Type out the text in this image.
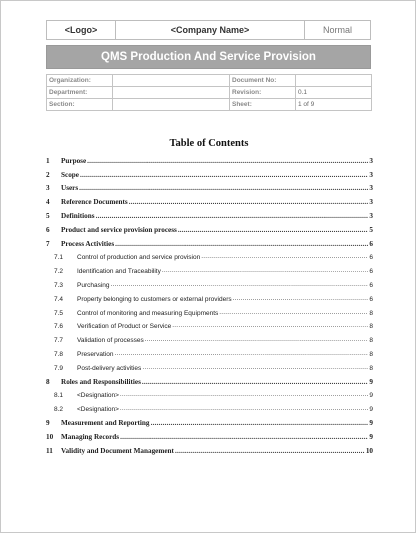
<Logo>	<Company Name>	Normal
QMS Production And Service Provision
Organization:		Document No:	
Department:		Revision:	0.1
Section:		Sheet:	1 of 9
Table of Contents
1	Purpose .....	3
2	Scope .....	3
3	Users .....	3
4	Reference Documents .....	3
5	Definitions .....	3
6	Product and service provision process .....	5
7	Process Activities .....	6
7.1	Control of production and service provision .....	6
7.2	Identification and Traceability .....	6
7.3	Purchasing .....	6
7.4	Property belonging to customers or external providers .....	6
7.5	Control of monitoring and measuring Equipments .....	8
7.6	Verification of Product or Service .....	8
7.7	Validation of processes .....	8
7.8	Preservation .....	8
7.9	Post-delivery activities .....	8
8	Roles and Responsibilities .....	9
8.1	<Designation> .....	9
8.2	<Designation> .....	9
9	Measurement and Reporting .....	9
10	Managing Records .....	9
11	Validity and Document Management .....	10
